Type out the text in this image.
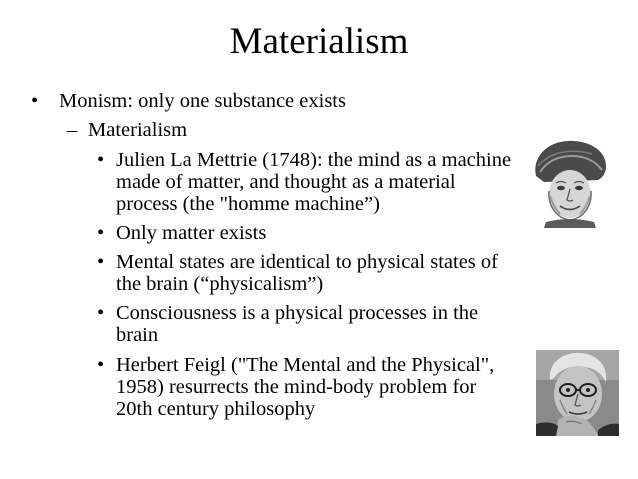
Materialism
• Monism: only one substance exists
– Materialism
• Julien La Mettrie (1748): the mind as a machine
made of matter, and thought as a material
process (the "homme machine”)
• Only matter exists
• Mental states are identical to physical states of
the brain (“physicalism”)
• Consciousness is a physical processes in the
brain
• Herbert Feigl ("The Mental and the Physical",
1958) resurrects the mind-body problem for
20th century philosophy
